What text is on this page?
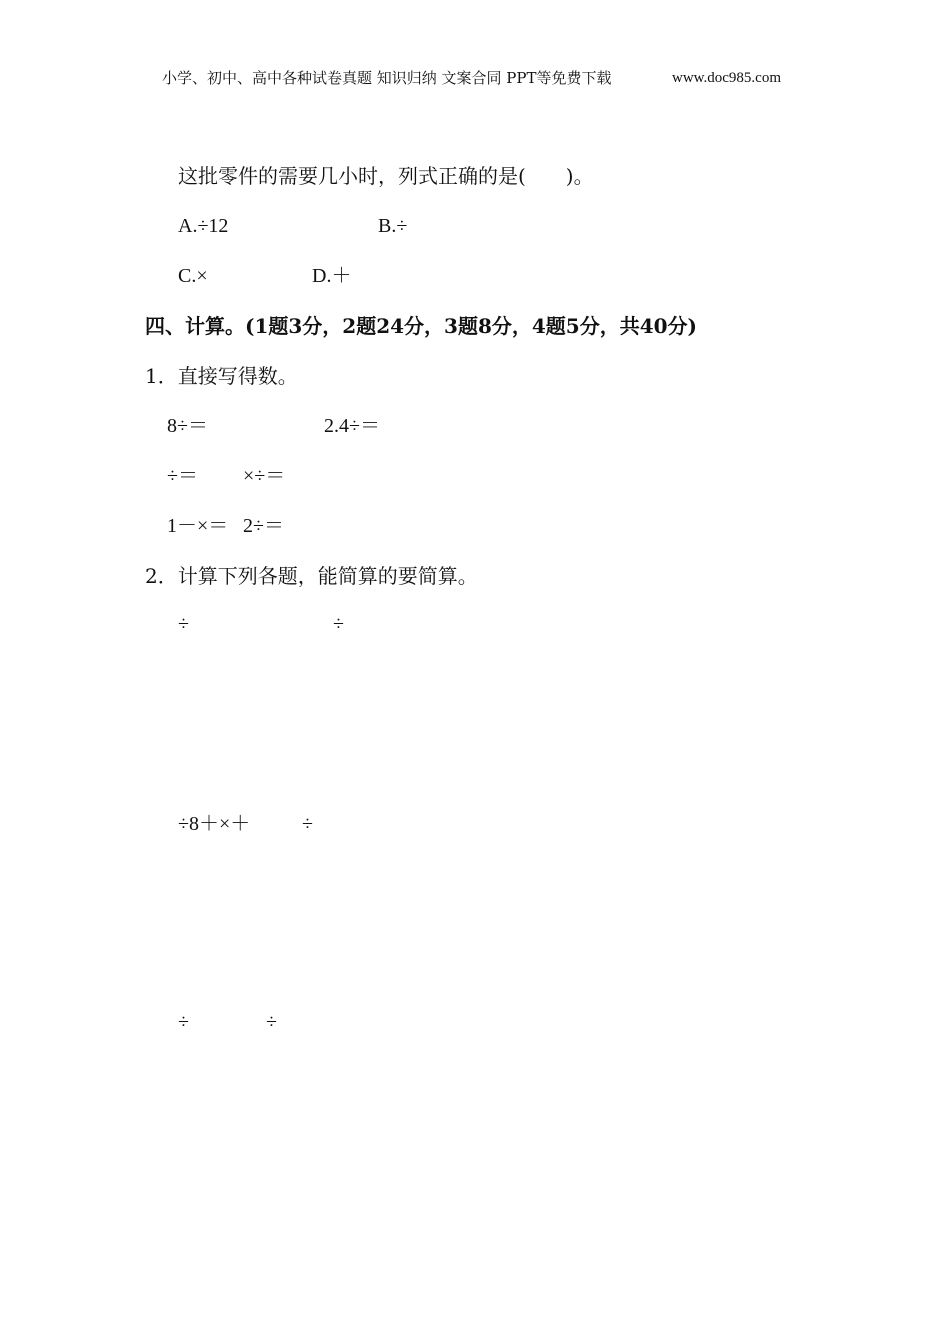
小学、初中、高中各种试卷真题 知识归纳 文案合同 PPT等免费下载	www.doc985.com
这批零件的需要几小时，列式正确的是(　　)。
A.÷12	B.÷
C.×	D.＋
四、计算。(1题3分，2题24分，3题8分，4题5分，共40分)
1．直接写得数。
8÷＝	2.4÷＝
÷＝ ×÷＝
1－×＝ 2÷＝
2．计算下列各题，能简算的要简算。
÷	÷
÷8＋×＋	÷
÷	÷
